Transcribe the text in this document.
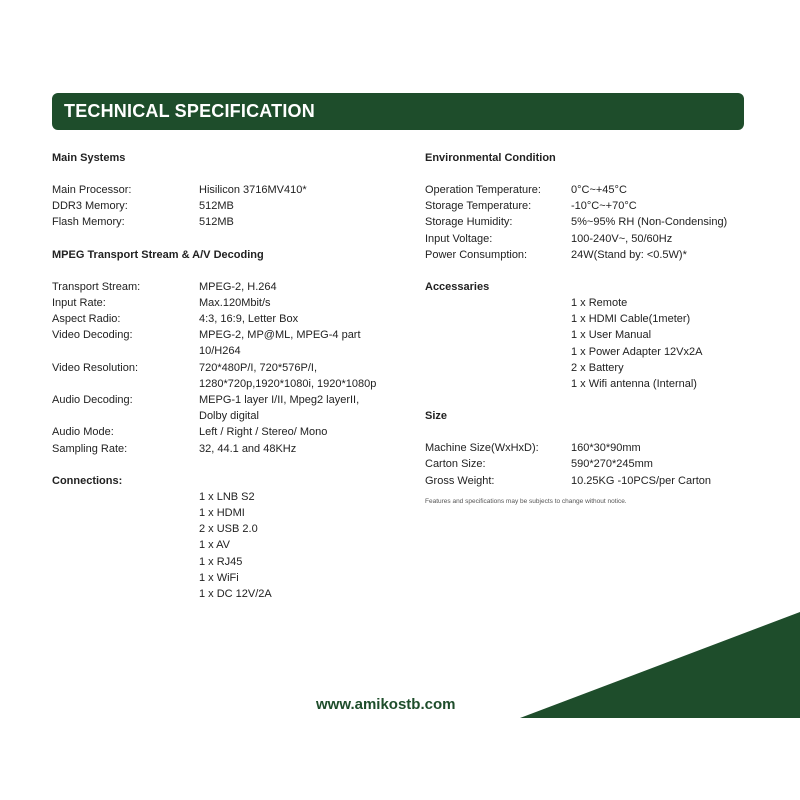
TECHNICAL SPECIFICATION
Main Systems
Main Processor:	Hisilicon 3716MV410*
DDR3 Memory:	512MB
Flash Memory:	512MB
MPEG Transport Stream & A/V Decoding
Transport Stream:	MPEG-2, H.264
Input Rate:	Max.120Mbit/s
Aspect Radio:	4:3, 16:9, Letter Box
Video Decoding:	MPEG-2, MP@ML, MPEG-4 part
10/H264
Video Resolution:	720*480P/I, 720*576P/I,
1280*720p,1920*1080i, 1920*1080p
Audio Decoding:	MEPG-1 layer I/II, Mpeg2 layerII,
Dolby digital
Audio Mode:	Left / Right / Stereo/ Mono
Sampling Rate:	32, 44.1 and 48KHz
Connections:
1 x LNB S2
1 x HDMI
2 x USB 2.0
1 x AV
1 x RJ45
1 x WiFi
1 x DC 12V/2A
Environmental Condition
Operation Temperature:	0°C~+45°C
Storage Temperature:	-10°C~+70°C
Storage Humidity:	5%~95% RH (Non-Condensing)
Input Voltage:	100-240V~, 50/60Hz
Power Consumption:	24W(Stand by: <0.5W)*
Accessaries
1 x Remote
1 x HDMI Cable(1meter)
1 x User Manual
1 x Power Adapter 12Vx2A
2 x Battery
1 x Wifi antenna (Internal)
Size
Machine Size(WxHxD):	160*30*90mm
Carton Size:	590*270*245mm
Gross Weight:	10.25KG -10PCS/per Carton
Features and specifications may be subjects to change without notice.
www.amikostb.com
